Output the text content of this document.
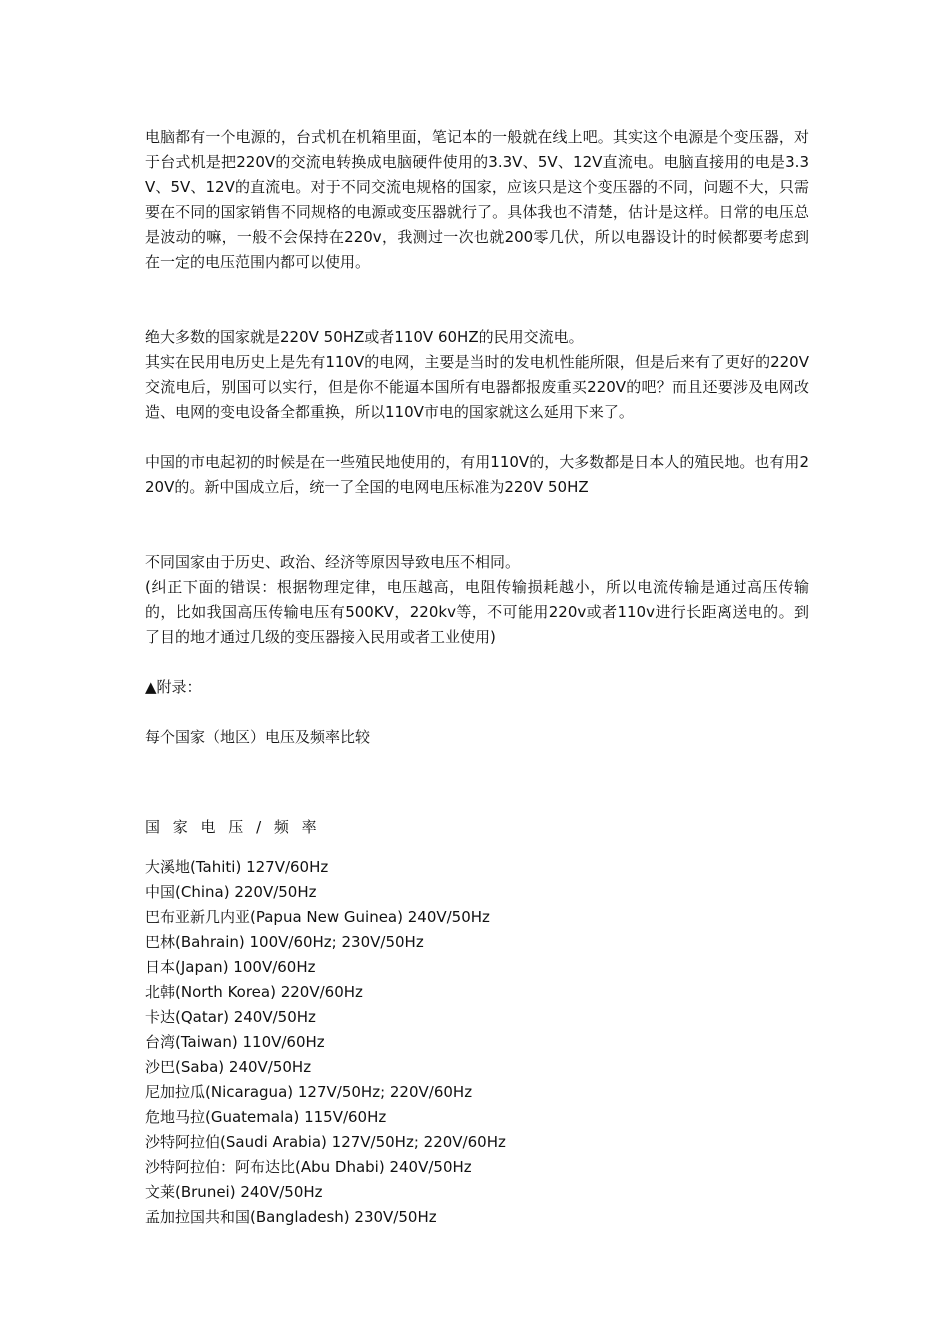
电脑都有一个电源的，台式机在机箱里面，笔记本的一般就在线上吧。其实这个电源是个变压器，对于台式机是把220V的交流电转换成电脑硬件使用的3.3V、5V、12V直流电。电脑直接用的电是3.3V、5V、12V的直流电。对于不同交流电规格的国家，应该只是这个变压器的不同，问题不大，只需要在不同的国家销售不同规格的电源或变压器就行了。具体我也不清楚，估计是这样。日常的电压总是波动的嘛，一般不会保持在220v，我测过一次也就200零几伏，所以电器设计的时候都要考虑到在一定的电压范围内都可以使用。

绝大多数的国家就是220V 50HZ或者110V 60HZ的民用交流电。

其实在民用电历史上是先有110V的电网，主要是当时的发电机性能所限，但是后来有了更好的220V交流电后，别国可以实行，但是你不能逼本国所有电器都报废重买220V的吧？而且还要涉及电网改造、电网的变电设备全都重换，所以110V市电的国家就这么延用下来了。

中国的市电起初的时候是在一些殖民地使用的，有用110V的，大多数都是日本人的殖民地。也有用220V的。新中国成立后，统一了全国的电网电压标准为220V 50HZ

不同国家由于历史、政治、经济等原因导致电压不相同。

(纠正下面的错误：根据物理定律，电压越高，电阻传输损耗越小，所以电流传输是通过高压传输的，比如我国高压传输电压有500KV，220kv等，不可能用220v或者110v进行长距离送电的。到了目的地才通过几级的变压器接入民用或者工业使用)

▲附录：

每个国家（地区）电压及频率比较

国 家 电 压 / 频 率

大溪地(Tahiti) 127V/60Hz
中国(China) 220V/50Hz
巴布亚新几内亚(Papua New Guinea) 240V/50Hz
巴林(Bahrain) 100V/60Hz; 230V/50Hz
日本(Japan) 100V/60Hz
北韩(North Korea) 220V/60Hz
卡达(Qatar) 240V/50Hz
台湾(Taiwan) 110V/60Hz
沙巴(Saba) 240V/50Hz
尼加拉瓜(Nicaragua) 127V/50Hz; 220V/60Hz
危地马拉(Guatemala) 115V/60Hz
沙特阿拉伯(Saudi Arabia) 127V/50Hz; 220V/60Hz
沙特阿拉伯：阿布达比(Abu Dhabi) 240V/50Hz
文莱(Brunei) 240V/50Hz
孟加拉国共和国(Bangladesh) 230V/50Hz
